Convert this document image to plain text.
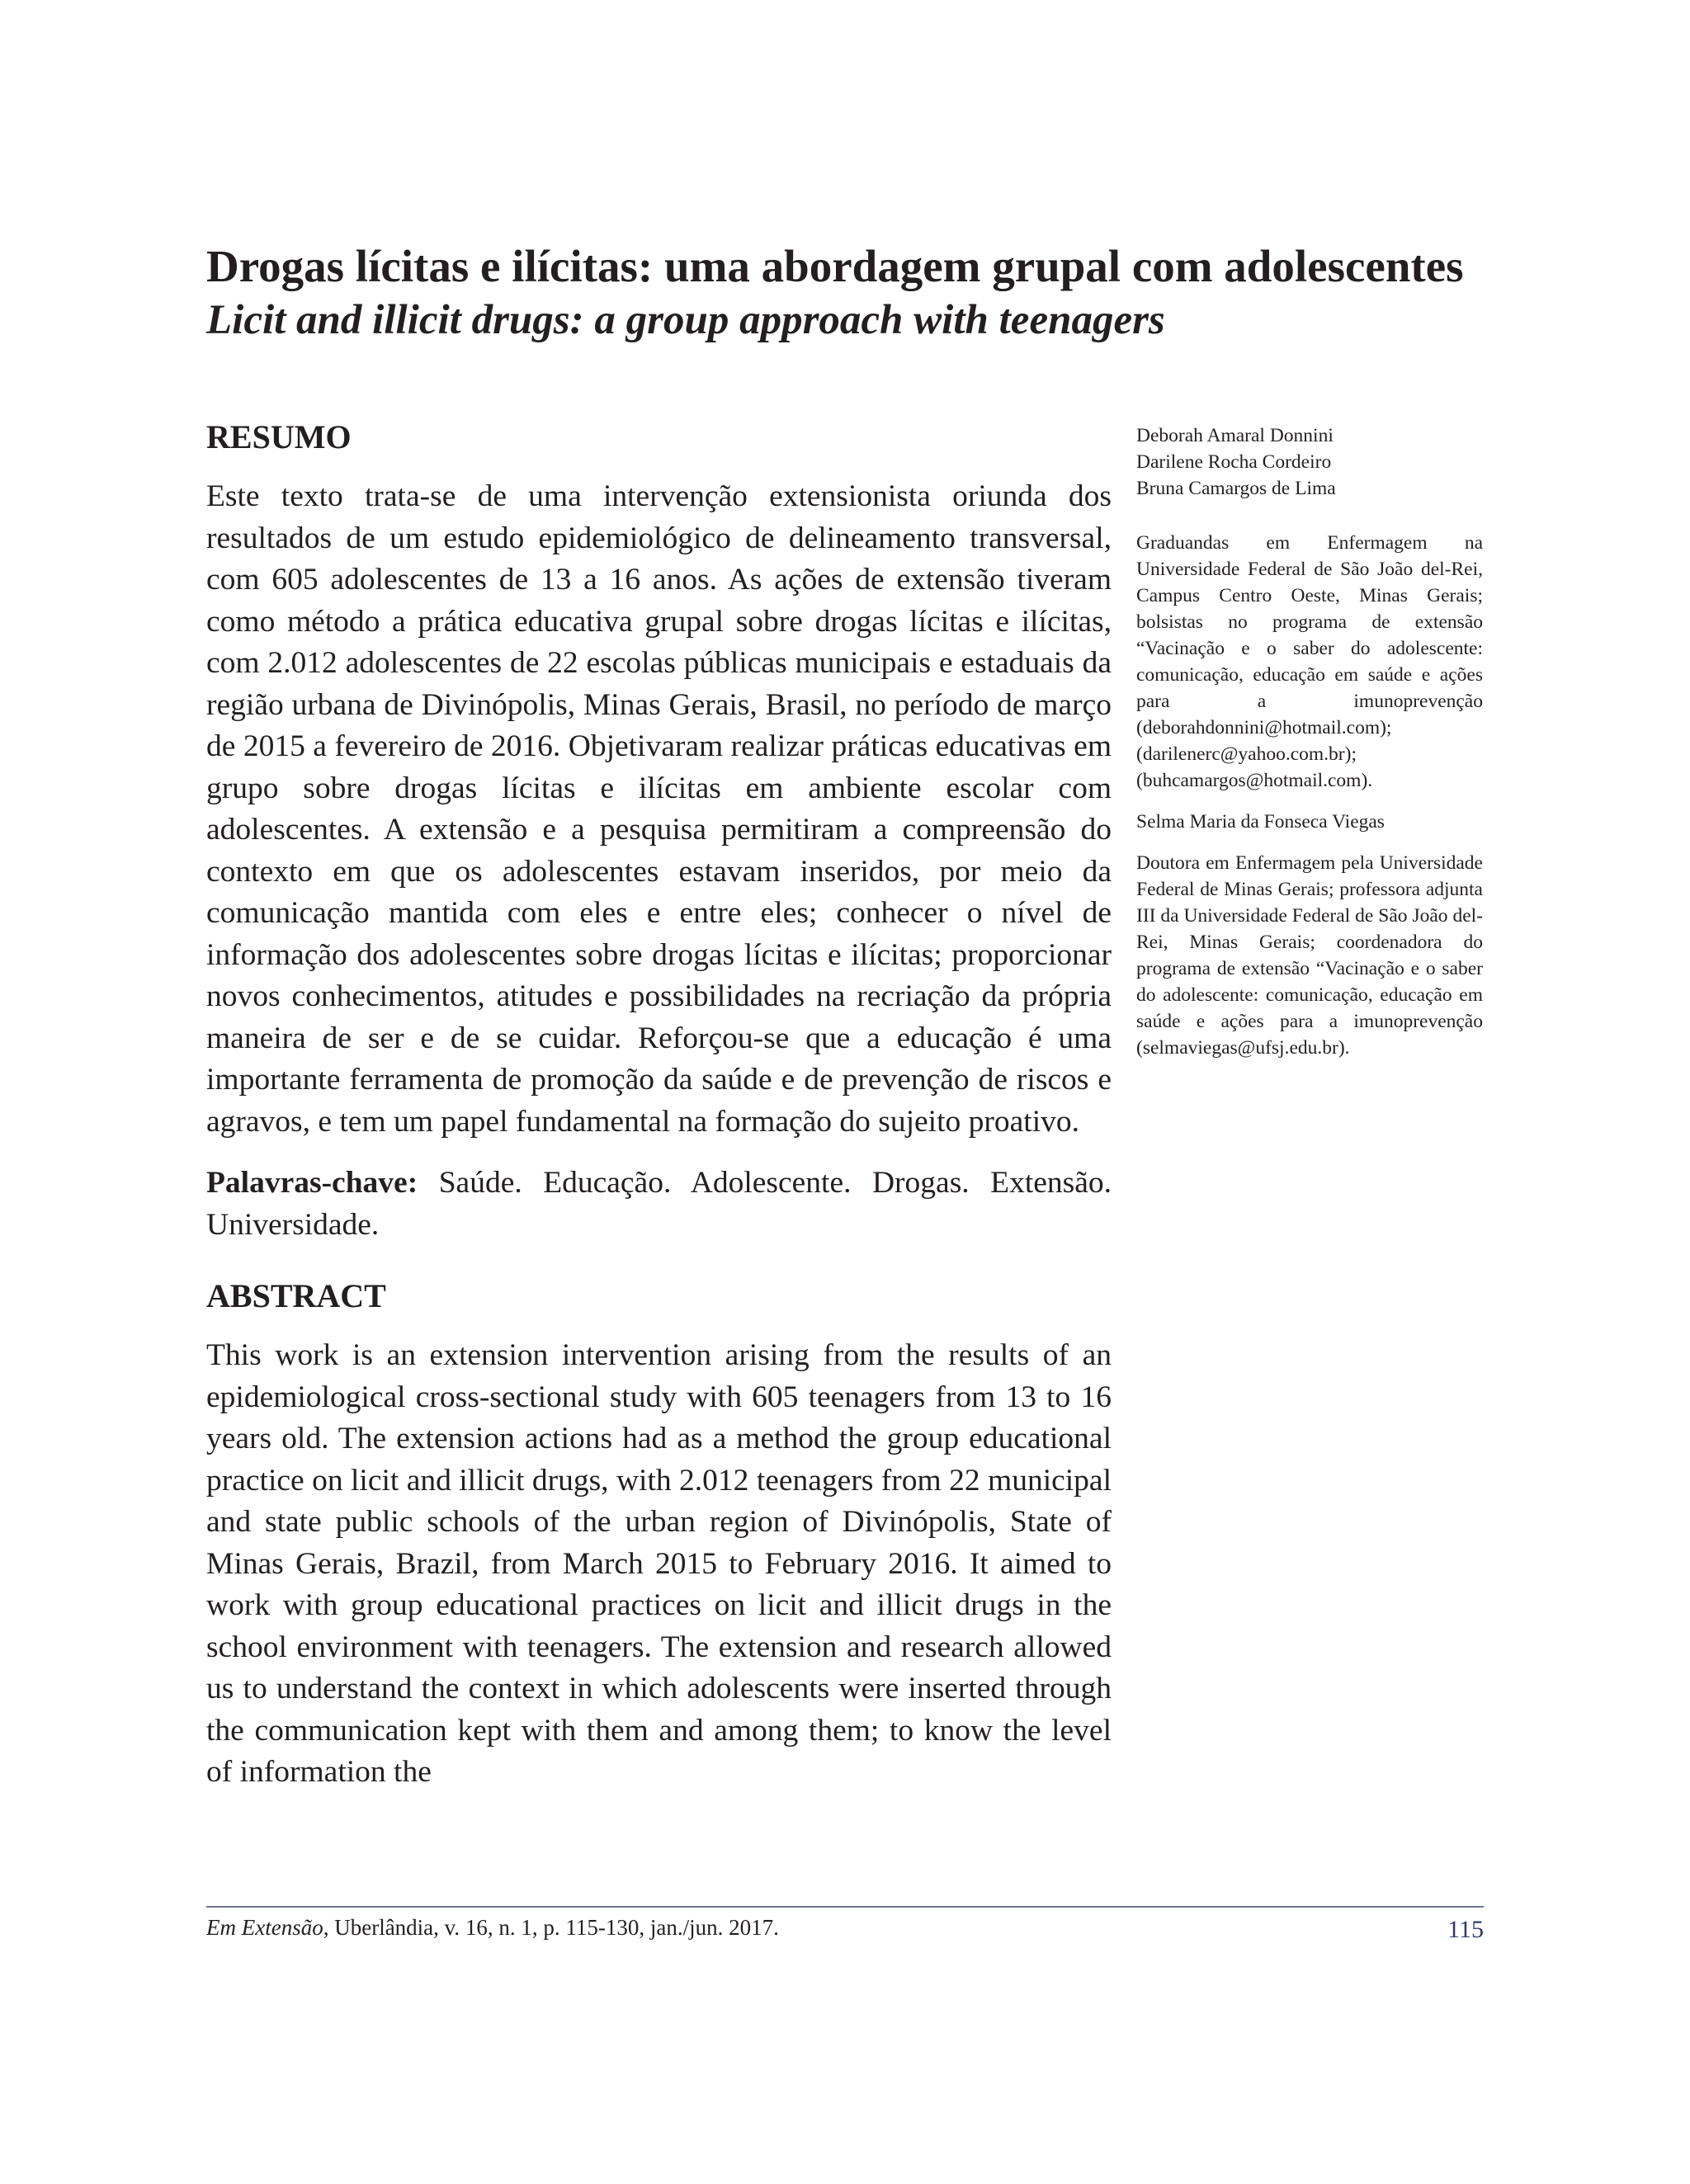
Drogas lícitas e ilícitas: uma abordagem grupal com adolescentes
Licit and illicit drugs: a group approach with teenagers
RESUMO

Este texto trata-se de uma intervenção extensionista oriunda dos resultados de um estudo epidemiológico de delineamento transversal, com 605 adolescentes de 13 a 16 anos. As ações de extensão tiveram como método a prática educativa grupal sobre drogas lícitas e ilícitas, com 2.012 adolescentes de 22 escolas públicas municipais e estaduais da região urbana de Divinópolis, Minas Gerais, Brasil, no período de março de 2015 a fevereiro de 2016. Objetivaram realizar práticas educativas em grupo sobre drogas lícitas e ilícitas em ambiente escolar com adolescentes. A extensão e a pesquisa permitiram a compreensão do contexto em que os adolescentes estavam inseridos, por meio da comunicação mantida com eles e entre eles; conhecer o nível de informação dos adolescentes sobre drogas lícitas e ilícitas; proporcionar novos conhecimentos, atitudes e possibilidades na recriação da própria maneira de ser e de se cuidar. Reforçou-se que a educação é uma importante ferramenta de promoção da saúde e de prevenção de riscos e agravos, e tem um papel fundamental na formação do sujeito proativo.

Palavras-chave: Saúde. Educação. Adolescente. Drogas. Extensão. Universidade.

ABSTRACT

This work is an extension intervention arising from the results of an epidemiological cross-sectional study with 605 teenagers from 13 to 16 years old. The extension actions had as a method the group educational practice on licit and illicit drugs, with 2.012 teenagers from 22 municipal and state public schools of the urban region of Divinópolis, State of Minas Gerais, Brazil, from March 2015 to February 2016. It aimed to work with group educational practices on licit and illicit drugs in the school environment with teenagers. The extension and research allowed us to understand the context in which adolescents were inserted through the communication kept with them and among them; to know the level of information the

Deborah Amaral Donnini
Darilene Rocha Cordeiro
Bruna Camargos de Lima

Graduandas em Enfermagem na Universidade Federal de São João del-Rei, Campus Centro Oeste, Minas Gerais; bolsistas no programa de extensão “Vacinação e o saber do adolescente: comunicação, educação em saúde e ações para a imunoprevenção (deborahdonnini@hotmail.com); (darilenerc@yahoo.com.br); (buhcamargos@hotmail.com).

Selma Maria da Fonseca Viegas

Doutora em Enfermagem pela Universidade Federal de Minas Gerais; professora adjunta III da Universidade Federal de São João del-Rei, Minas Gerais; coordenadora do programa de extensão “Vacinação e o saber do adolescente: comunicação, educação em saúde e ações para a imunoprevenção (selmaviegas@ufsj.edu.br).

Em Extensão, Uberlândia, v. 16, n. 1, p. 115-130, jan./jun. 2017.	115
